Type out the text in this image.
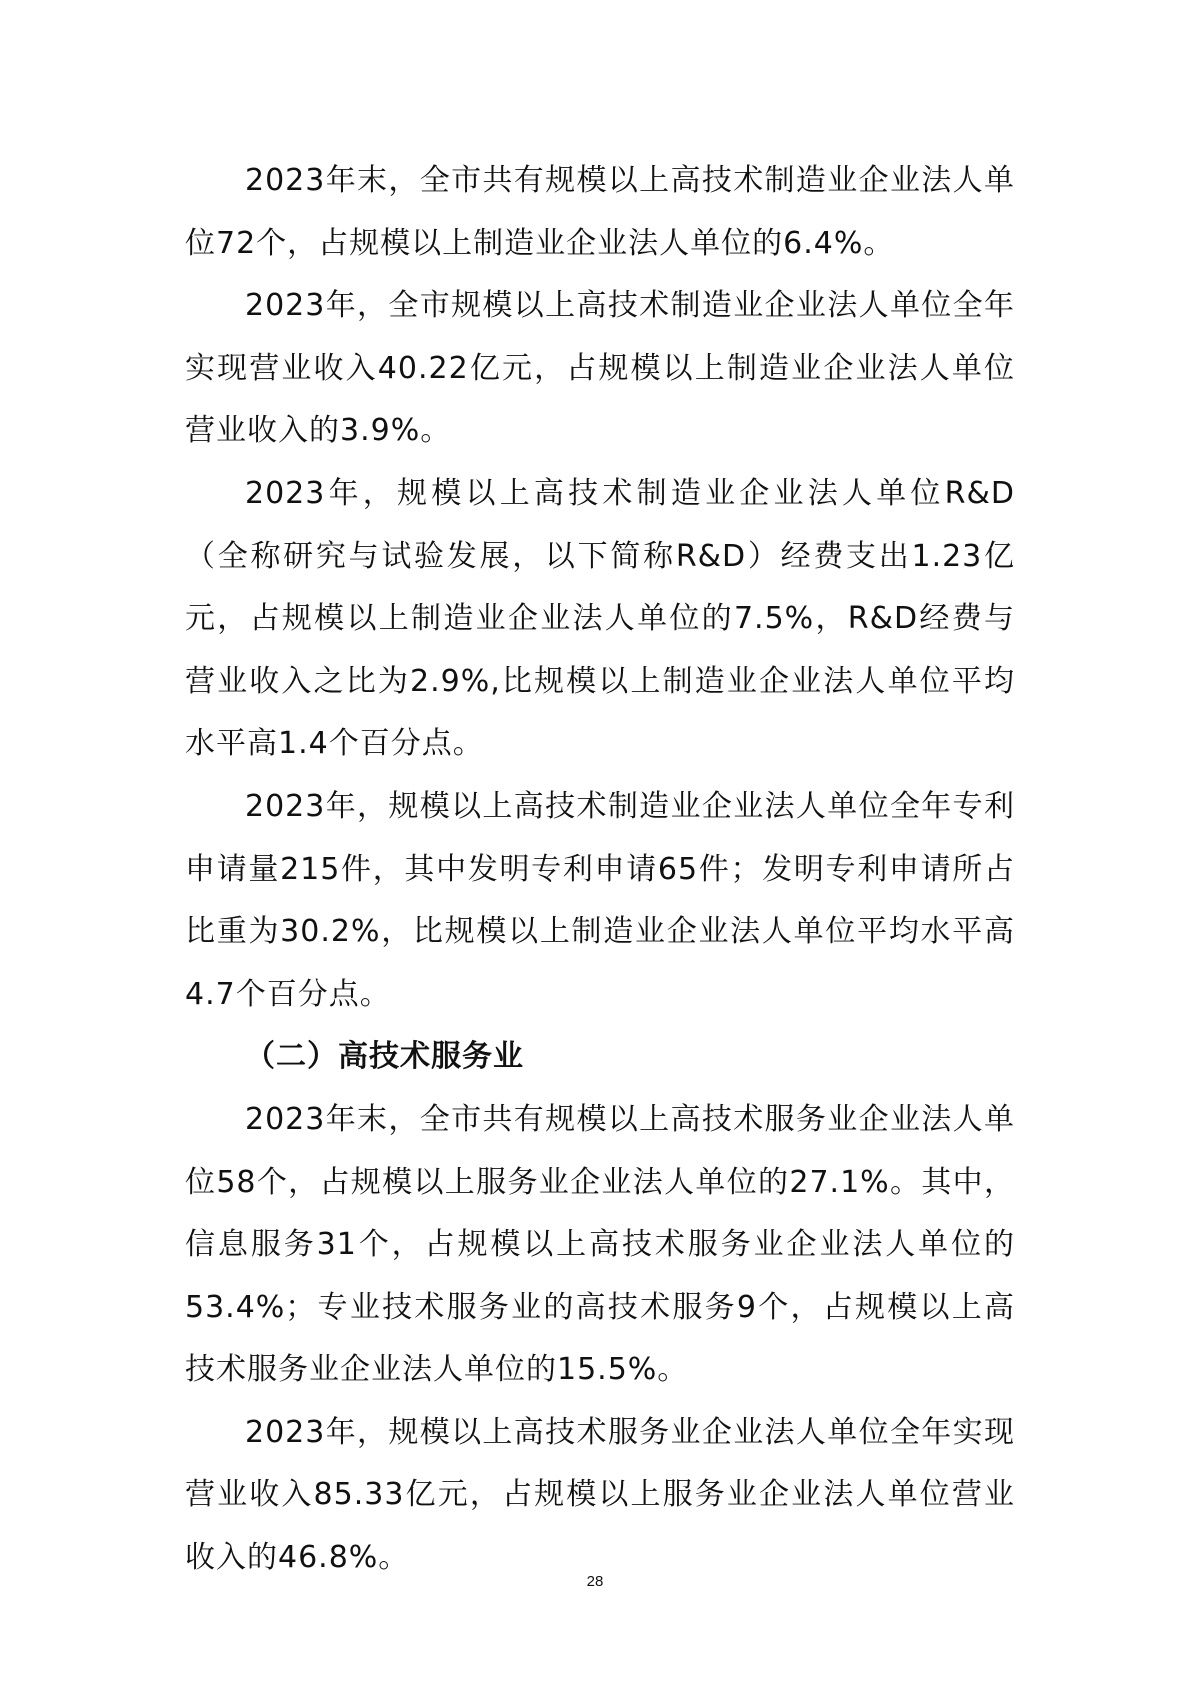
2023年末，全市共有规模以上高技术制造业企业法人单位72个，占规模以上制造业企业法人单位的6.4%。

2023年，全市规模以上高技术制造业企业法人单位全年实现营业收入40.22亿元，占规模以上制造业企业法人单位营业收入的3.9%。

2023年，规模以上高技术制造业企业法人单位R&D（全称研究与试验发展，以下简称R&D）经费支出1.23亿元，占规模以上制造业企业法人单位的7.5%，R&D经费与营业收入之比为2.9%,比规模以上制造业企业法人单位平均水平高1.4个百分点。

2023年，规模以上高技术制造业企业法人单位全年专利申请量215件，其中发明专利申请65件；发明专利申请所占比重为30.2%，比规模以上制造业企业法人单位平均水平高4.7个百分点。

（二）高技术服务业

2023年末，全市共有规模以上高技术服务业企业法人单位58个，占规模以上服务业企业法人单位的27.1%。其中，信息服务31个，占规模以上高技术服务业企业法人单位的53.4%；专业技术服务业的高技术服务9个，占规模以上高技术服务业企业法人单位的15.5%。

2023年，规模以上高技术服务业企业法人单位全年实现营业收入85.33亿元，占规模以上服务业企业法人单位营业收入的46.8%。

28
